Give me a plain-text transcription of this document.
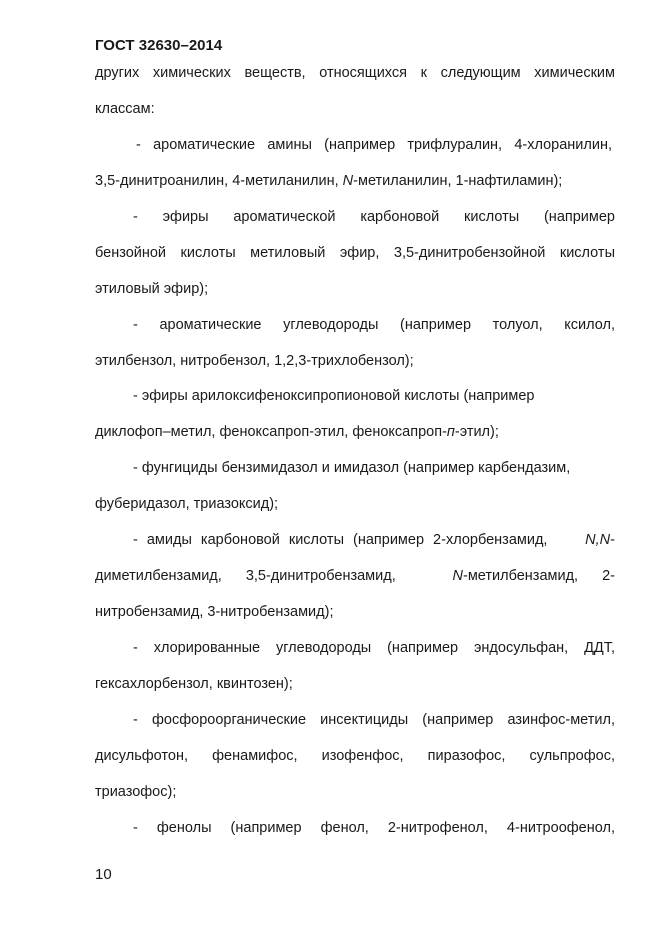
ГОСТ 32630–2014
других химических веществ, относящихся к следующим химическим
классам:
- ароматические амины (например трифлуралин, 4-хлоранилин,
3,5-динитроанилин, 4-метиланилин, N-метиланилин, 1-нафтиламин);
- эфиры ароматической карбоновой кислоты (например
бензойной кислоты метиловый эфир, 3,5-динитробензойной кислоты
этиловый эфир);
- ароматические углеводороды (например толуол, ксилол,
этилбензол, нитробензол, 1,2,3-трихлобензол);
- эфиры арилоксифеноксипропионовой кислоты (например
диклофоп–метил, феноксапроп-этил, феноксапроп-п-этил);
- фунгициды бензимидазол и имидазол (например карбендазим,
фуберидазол, триазоксид);
- амиды карбоновой кислоты (например 2-хлорбензамид, N,N-
диметилбензамид, 3,5-динитробензамид, N-метилбензамид, 2-
нитробензамид, 3-нитробензамид);
- хлорированные углеводороды (например эндосульфан, ДДТ,
гексахлорбензол, квинтозен);
- фосфороорганические инсектициды (например азинфос-метил,
дисульфотон, фенамифос, изофенфос, пиразофос, сульпрофос,
триазофос);
- фенолы (например фенол, 2-нитрофенол, 4-нитроофенол,
10
